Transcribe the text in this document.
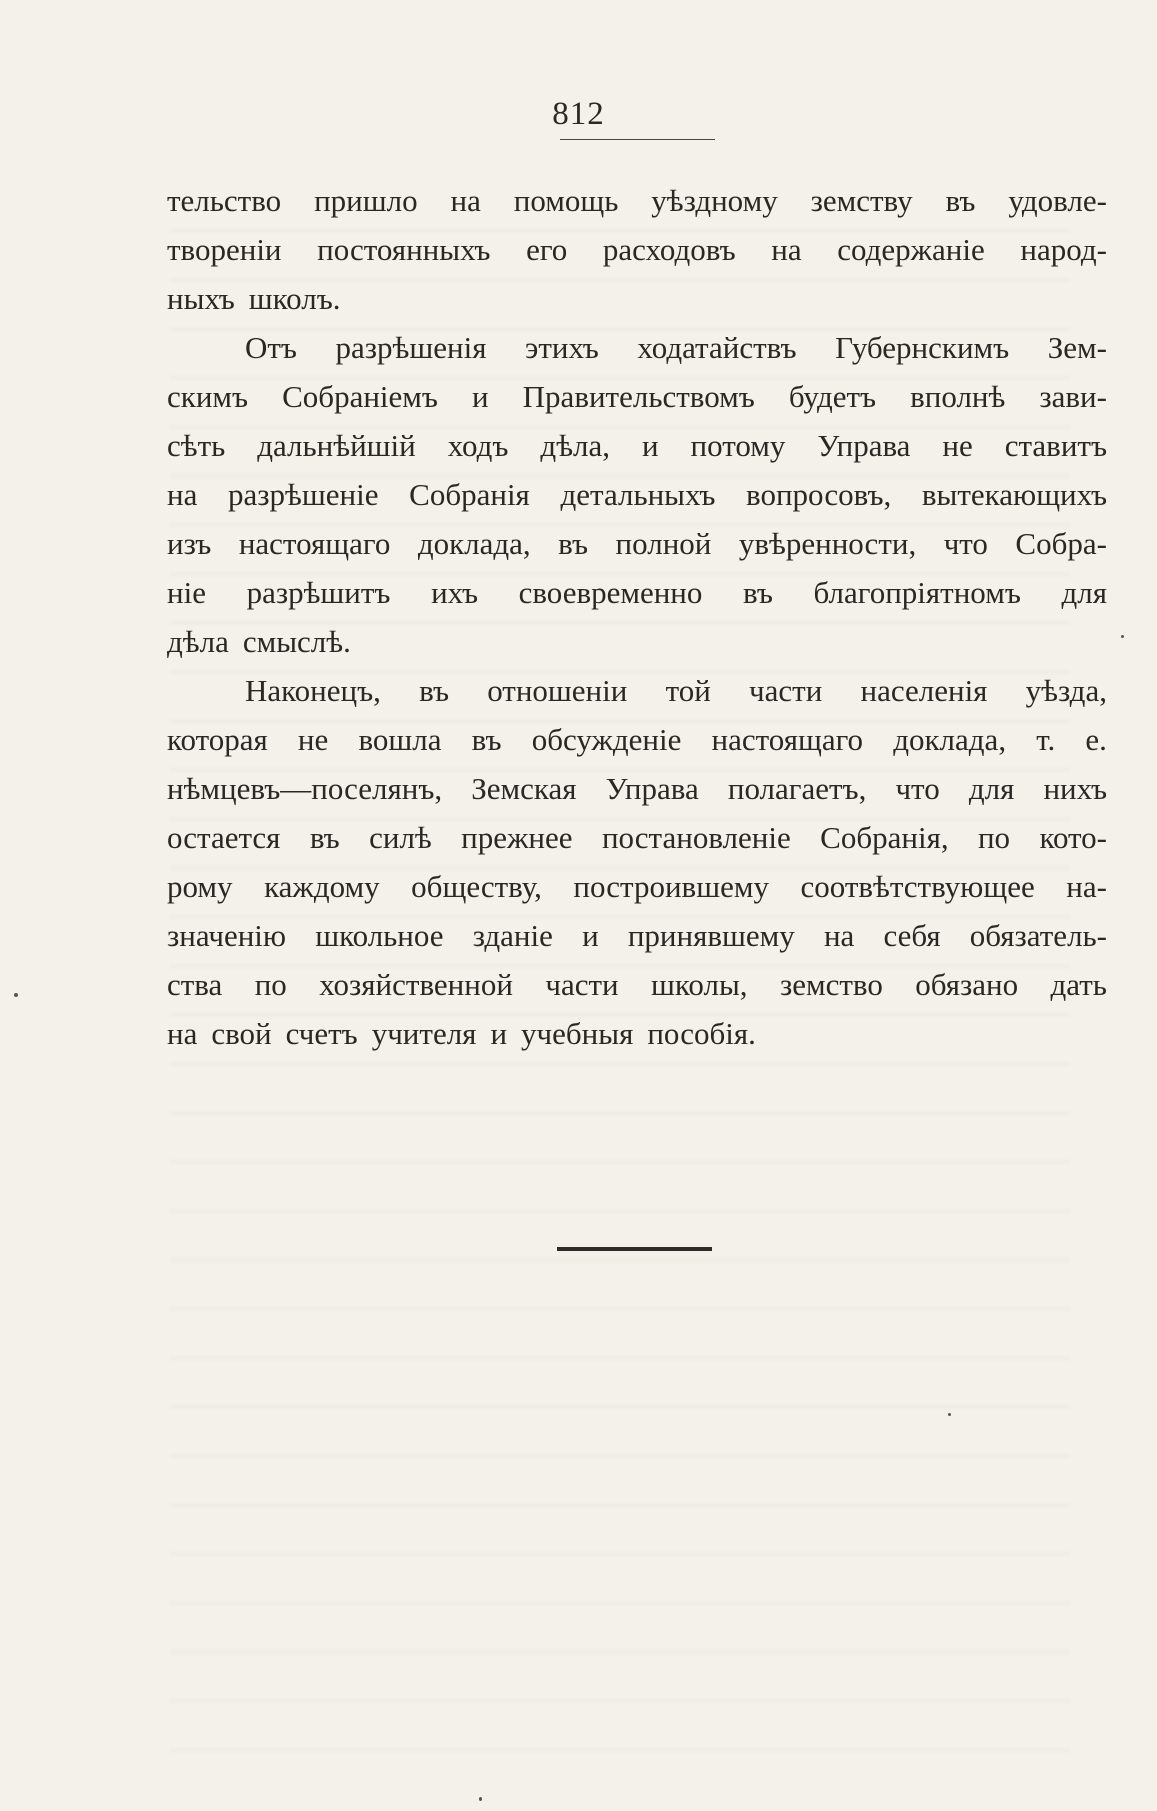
812
тельство пришло на помощь уѣздному земству въ удовле-
твореніи постоянныхъ его расходовъ на содержаніе народ-
ныхъ школъ.
Отъ разрѣшенія этихъ ходатайствъ Губернскимъ Зем-
скимъ Собраніемъ и Правительствомъ будетъ вполнѣ зави-
сѣть дальнѣйшій ходъ дѣла, и потому Управа не ставитъ
на разрѣшеніе Собранія детальныхъ вопросовъ, вытекающихъ
изъ настоящаго доклада, въ полной увѣренности, что Собра-
ніе разрѣшитъ ихъ своевременно въ благопріятномъ для
дѣла смыслѣ.
Наконецъ, въ отношеніи той части населенія уѣзда,
которая не вошла въ обсужденіе настоящаго доклада, т. е.
нѣмцевъ—поселянъ, Земская Управа полагаетъ, что для нихъ
остается въ силѣ прежнее постановленіе Собранія, по кото-
рому каждому обществу, построившему соотвѣтствующее на-
значенію школьное зданіе и принявшему на себя обязатель-
ства по хозяйственной части школы, земство обязано дать
на свой счетъ учителя и учебныя пособія.
